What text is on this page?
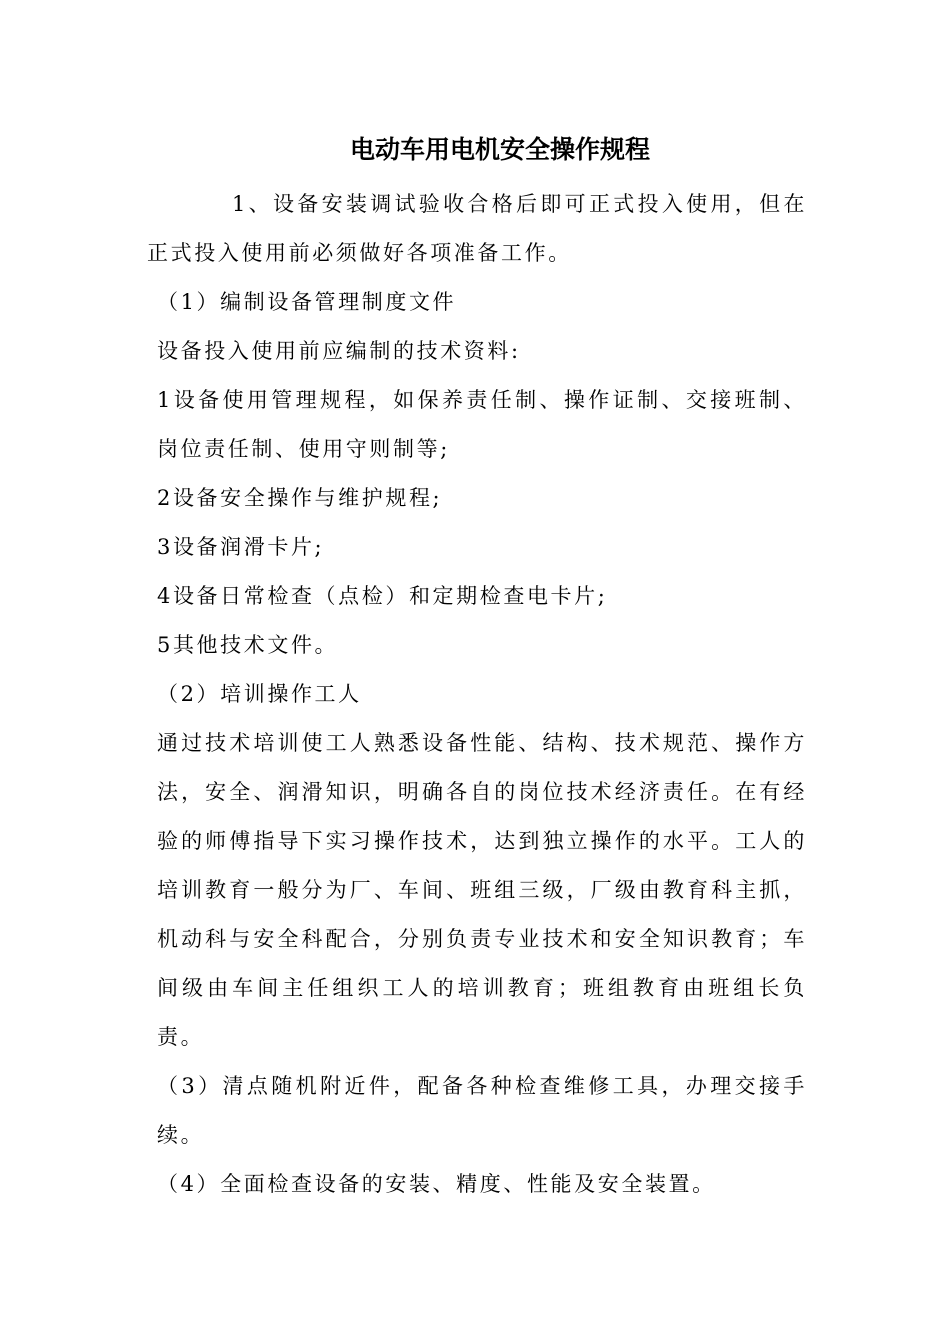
电动车用电机安全操作规程

1、设备安装调试验收合格后即可正式投入使用，但在正式投入使用前必须做好各项准备工作。

（1）编制设备管理制度文件

设备投入使用前应编制的技术资料:

1设备使用管理规程，如保养责任制、操作证制、交接班制、岗位责任制、使用守则制等;

2设备安全操作与维护规程;

3设备润滑卡片;

4设备日常检查（点检）和定期检查电卡片;

5其他技术文件。

（2）培训操作工人

通过技术培训使工人熟悉设备性能、结构、技术规范、操作方法，安全、润滑知识，明确各自的岗位技术经济责任。在有经验的师傅指导下实习操作技术，达到独立操作的水平。工人的培训教育一般分为厂、车间、班组三级，厂级由教育科主抓，机动科与安全科配合，分别负责专业技术和安全知识教育；车间级由车间主任组织工人的培训教育；班组教育由班组长负责。

（3）清点随机附近件，配备各种检查维修工具，办理交接手续。

（4）全面检查设备的安装、精度、性能及安全装置。
